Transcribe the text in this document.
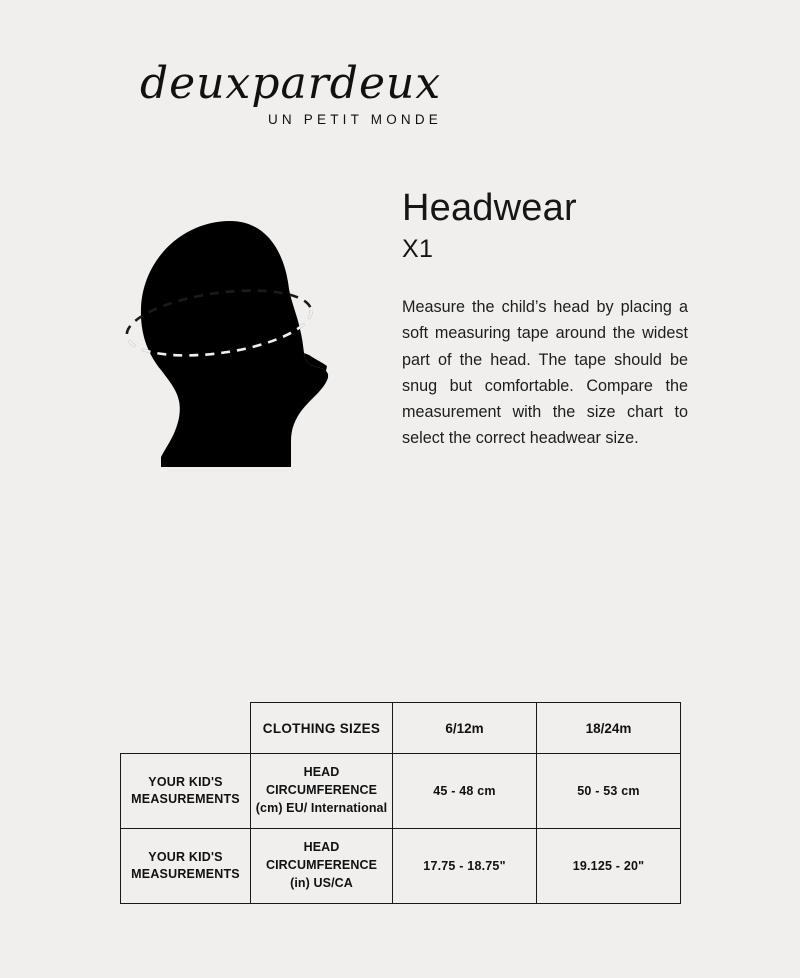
deuxpardeux
UN PETIT MONDE
Headwear
X1

Measure the child’s head by placing a soft measuring tape around the widest part of the head. The tape should be snug but comfortable. Compare the measurement with the size chart to select the correct headwear size.

	CLOTHING SIZES	6/12m	18/24m
YOUR KID'S MEASUREMENTS	HEAD
CIRCUMFERENCE
(cm) EU/ International	45 - 48 cm	50 - 53 cm
YOUR KID'S MEASUREMENTS	HEAD
CIRCUMFERENCE
(in) US/CA	17.75 - 18.75"	19.125 - 20"
